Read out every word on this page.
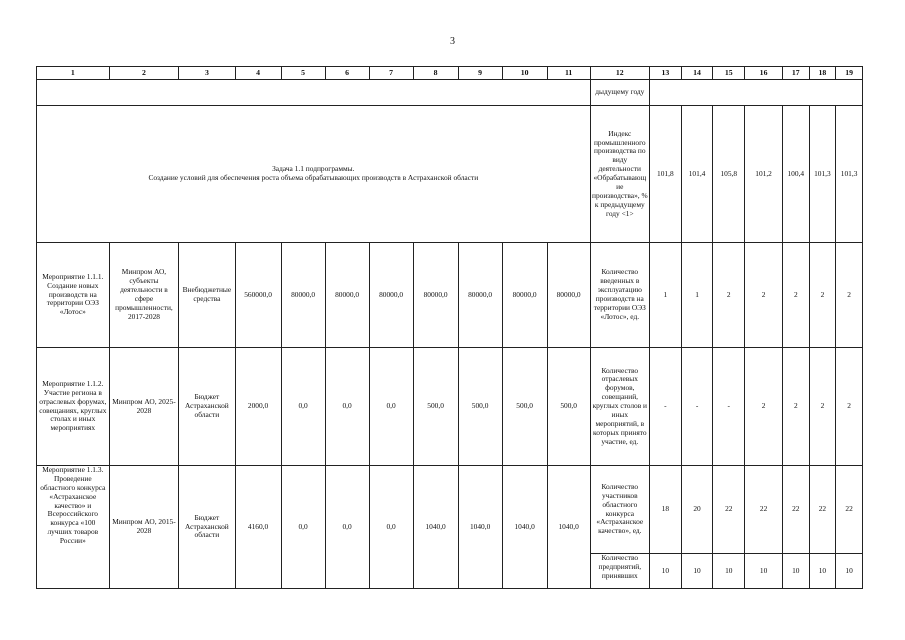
3
1	2	3	4	5	6	7	8	9	10	11	12	13	14	15	16	17	18	19
											дыдущему году							

Задача 1.1 подпрограммы.
Создание условий для обеспечения роста объема обрабатывающих производств в Астраханской области											Индекс промышленного производства по виду деятельности «Обрабатывающие производства», % к предыдущему году <1>	101,8	101,4	105,8	101,2	100,4	101,3	101,3
Мероприятие 1.1.1. Создание новых производств на территории ОЭЗ «Лотос»	Минпром АО, субъекты деятельности в сфере промышленности, 2017-2028	Внебюджетные средства	560000,0	80000,0	80000,0	80000,0	80000,0	80000,0	80000,0	80000,0	Количество введенных в эксплуатацию производств на территории ОЭЗ «Лотос», ед.	1	1	2	2	2	2	2
Мероприятие 1.1.2. Участие региона в отраслевых форумах, совещаниях, круглых столах и иных мероприятиях	Минпром АО, 2025-2028	Бюджет Астраханской области	2000,0	0,0	0,0	0,0	500,0	500,0	500,0	500,0	Количество отраслевых форумов, совещаний, круглых столов и иных мероприятий, в которых принято участие, ед.	-	-	-	2	2	2	2
Мероприятие 1.1.3. Проведение областного конкурса «Астраханское качество» и Всероссийского конкурса «100 лучших товаров России»	Минпром АО, 2015-2028	Бюджет Астраханской области	4160,0	0,0	0,0	0,0	1040,0	1040,0	1040,0	1040,0	Количество участников областного конкурса «Астраханское качество», ед.	18	20	22	22	22	22	22
											Количество предприятий, принявших	10	10	10	10	10	10	10
